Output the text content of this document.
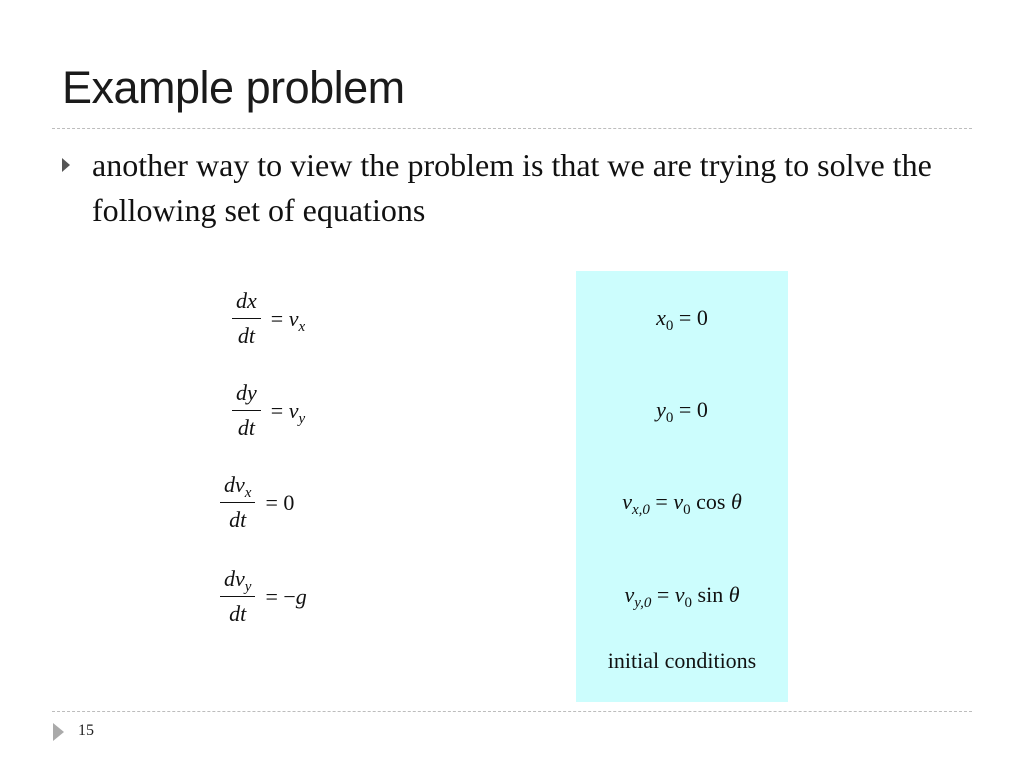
Example problem
another way to view the problem is that we are trying to solve the following set of equations
$\frac{dx}{dt} = v_x$
$\frac{dy}{dt} = v_y$
$\frac{dv_x}{dt} = 0$
$\frac{dv_y}{dt} = -g$
$x_0 = 0$
$y_0 = 0$
$v_{x,0} = v_0$ cos θ
$v_{y,0} = v_0$ sin θ
initial conditions
15
